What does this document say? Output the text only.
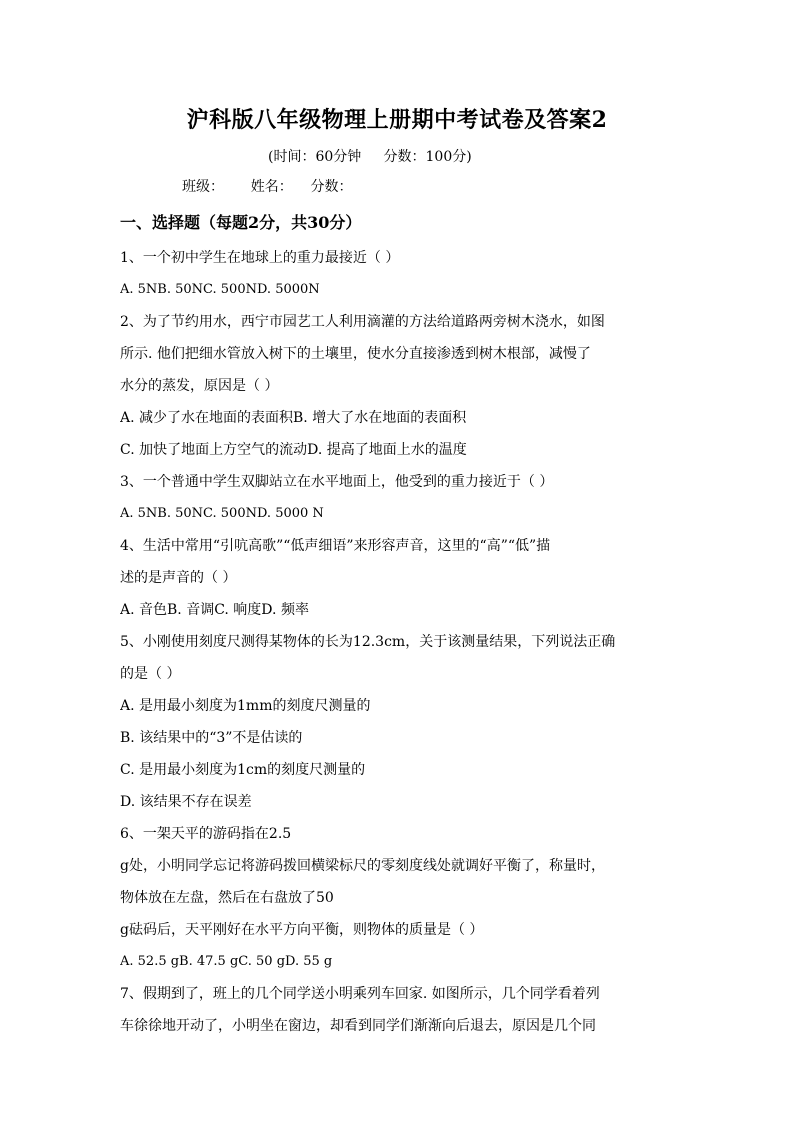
沪科版八年级物理上册期中考试卷及答案2
(时间：60分钟     分数：100分)
班级：      姓名：    分数：
一、选择题（每题2分，共30分）
1、一个初中学生在地球上的重力最接近（ ）
A. 5NB. 50NC. 500ND. 5000N
2、为了节约用水，西宁市园艺工人利用滴灌的方法给道路两旁树木浇水，如图
所示. 他们把细水管放入树下的土壤里，使水分直接渗透到树木根部，减慢了
水分的蒸发，原因是（ ）
A. 减少了水在地面的表面积B. 增大了水在地面的表面积
C. 加快了地面上方空气的流动D. 提高了地面上水的温度
3、一个普通中学生双脚站立在水平地面上，他受到的重力接近于（ ）
A. 5NB. 50NC. 500ND. 5000 N
4、生活中常用“引吭高歌”“低声细语”来形容声音，这里的“高”“低”描
述的是声音的（ ）
A. 音色B. 音调C. 响度D. 频率
5、小刚使用刻度尺测得某物体的长为12.3cm，关于该测量结果，下列说法正确
的是（ ）
A. 是用最小刻度为1mm的刻度尺测量的
B. 该结果中的“3”不是估读的
C. 是用最小刻度为1cm的刻度尺测量的
D. 该结果不存在误差
6、一架天平的游码指在2.5
g处，小明同学忘记将游码拨回横梁标尺的零刻度线处就调好平衡了，称量时，
物体放在左盘，然后在右盘放了50
g砝码后，天平刚好在水平方向平衡，则物体的质量是（ ）
A. 52.5 gB. 47.5 gC. 50 gD. 55 g
7、假期到了，班上的几个同学送小明乘列车回家. 如图所示，几个同学看着列
车徐徐地开动了，小明坐在窗边，却看到同学们渐渐向后退去，原因是几个同
